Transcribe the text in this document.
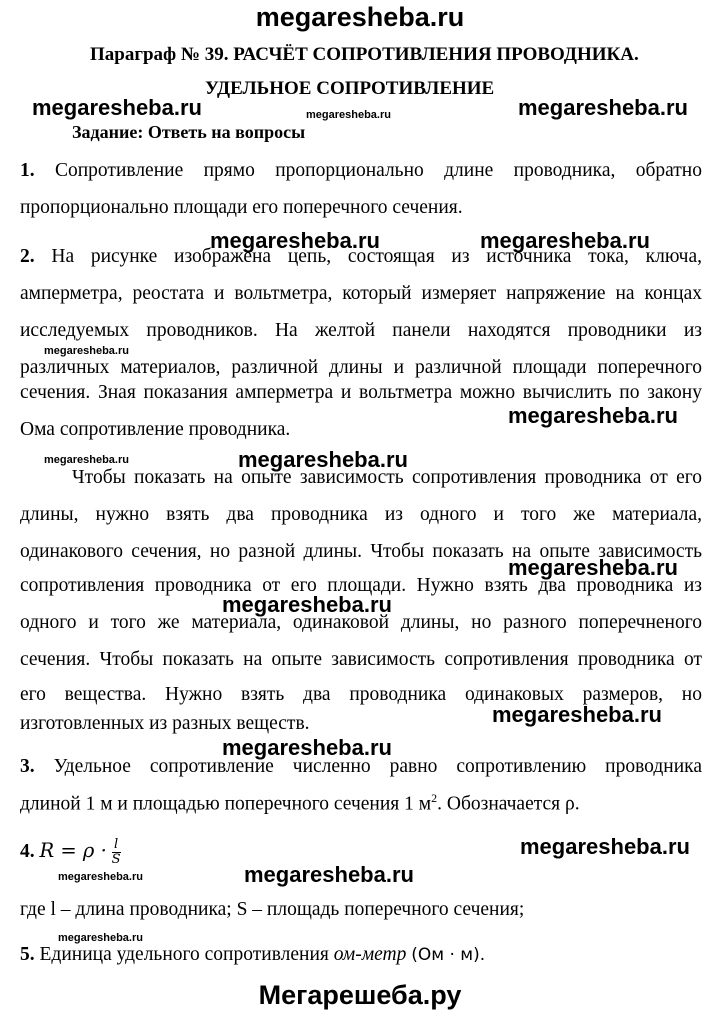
megaresheba.ru
Параграф № 39. РАСЧЁТ СОПРОТИВЛЕНИЯ ПРОВОДНИКА.
УДЕЛЬНОЕ СОПРОТИВЛЕНИЕ
megaresheba.ru	megaresheba.ru	megaresheba.ru
Задание: Ответь на вопросы
1. Сопротивление прямо пропорционально длине проводника, обратно
пропорционально площади его поперечного сечения.
megaresheba.ru	megaresheba.ru
2. На рисунке изображена цепь, состоящая из источника тока, ключа,
амперметра, реостата и вольтметра, который измеряет напряжение на концах
исследуемых проводников. На желтой панели находятся проводники из
megaresheba.ru
различных материалов, различной длины и различной площади поперечного
сечения. Зная показания амперметра и вольтметра можно вычислить по закону
megaresheba.ru
Ома сопротивление проводника.
megaresheba.ru	megaresheba.ru
Чтобы показать на опыте зависимость сопротивления проводника от его
длины, нужно взять два проводника из одного и того же материала,
одинакового сечения, но разной длины. Чтобы показать на опыте зависимость
megaresheba.ru
сопротивления проводника от его площади. Нужно взять два проводника из
megaresheba.ru
одного и того же материала, одинаковой длины, но разного поперечненого
сечения. Чтобы показать на опыте зависимость сопротивления проводника от
его вещества. Нужно взять два проводника одинаковых размеров, но
megaresheba.ru
изготовленных из разных веществ.
megaresheba.ru
3. Удельное сопротивление численно равно сопротивлению проводника
длиной 1 м и площадью поперечного сечения 1 $м^2$. Обозначается ρ.
4. $R = \rho \cdot \frac{l}{S}$	megaresheba.ru
megaresheba.ru	megaresheba.ru
где l – длина проводника; S – площадь поперечного сечения;
megaresheba.ru
5. Единица удельного сопротивления ом-метр (Ом · м).
Мегарешеба.ру
